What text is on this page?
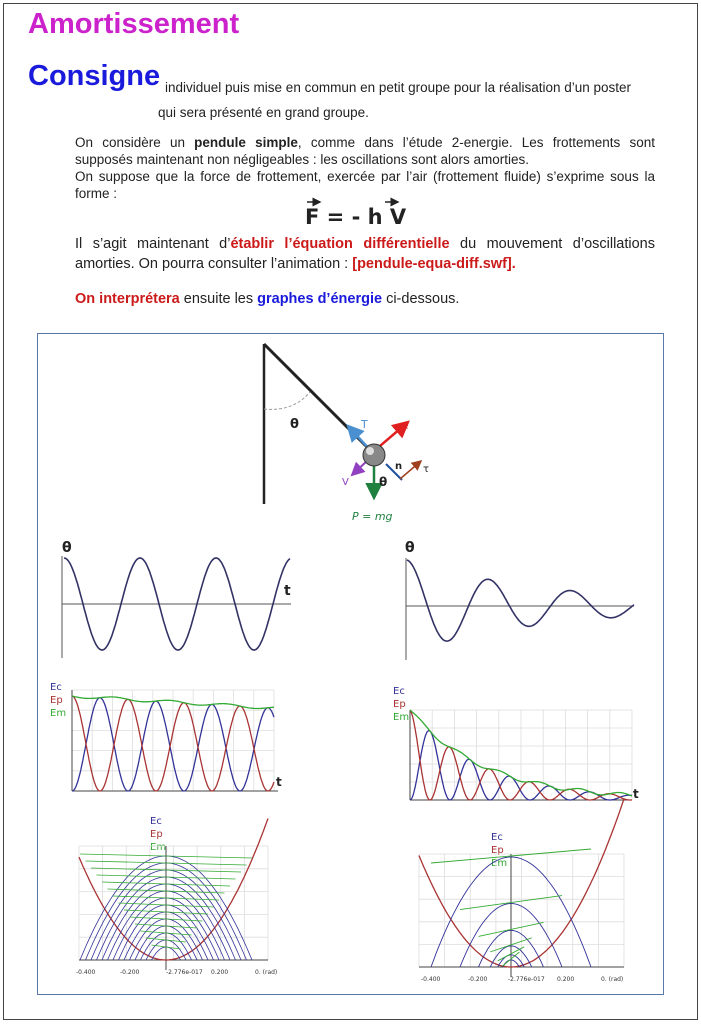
Amortissement
Consigne individuel puis mise en commun en petit groupe pour la réalisation d’un poster
qui sera présenté en grand groupe.
On considère un pendule simple, comme dans l’étude 2-energie. Les frottements sont supposés maintenant non négligeables : les oscillations sont alors amorties.
On suppose que la force de frottement, exercée par l’air (frottement fluide) s’exprime sous la forme :
F = - h V
Il s’agit maintenant d’établir l’équation différentielle du mouvement d’oscillations amorties. On pourra consulter l’animation : [pendule-equa-diff.swf].
On interprétera ensuite les graphes d’énergie ci-dessous.
θ	T	F
V
n τ
θ
P = mg
θ
t
θ
Ec
Ep
Em
t
Ec
Ep
Em
t
Ec
Ep
Em
-0.400	-0.200	-2.776e-017 0.200	0. (rad)
Ec
Ep
Em
-0.400	-0.200	-2.776e-017 0.200	0. (rad)
